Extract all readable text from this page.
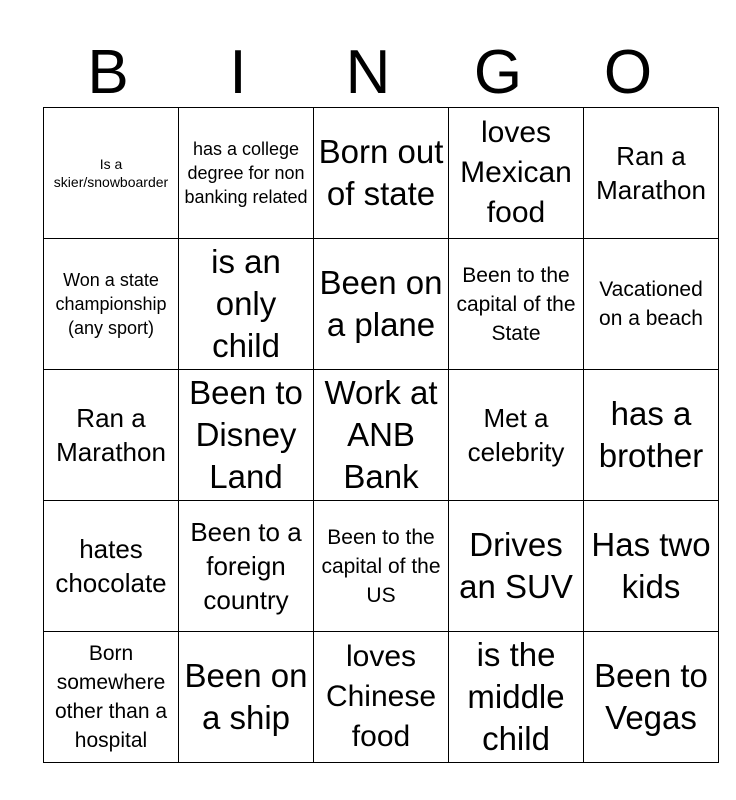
B	I	N	G	O
Is a skier/snowboarder	has a college degree for non banking related	Born out of state	loves Mexican food	Ran a Marathon

Won a state championship (any sport)	is an only child	Been on a plane	Been to the capital of the State	Vacationed on a beach

Ran a Marathon	Been to Disney Land	Work at ANB Bank	Met a celebrity	has a brother

hates chocolate	Been to a foreign country	Been to the capital of the US	Drives an SUV	Has two kids

Born somewhere other than a hospital	Been on a ship	loves Chinese food	is the middle child	Been to Vegas
